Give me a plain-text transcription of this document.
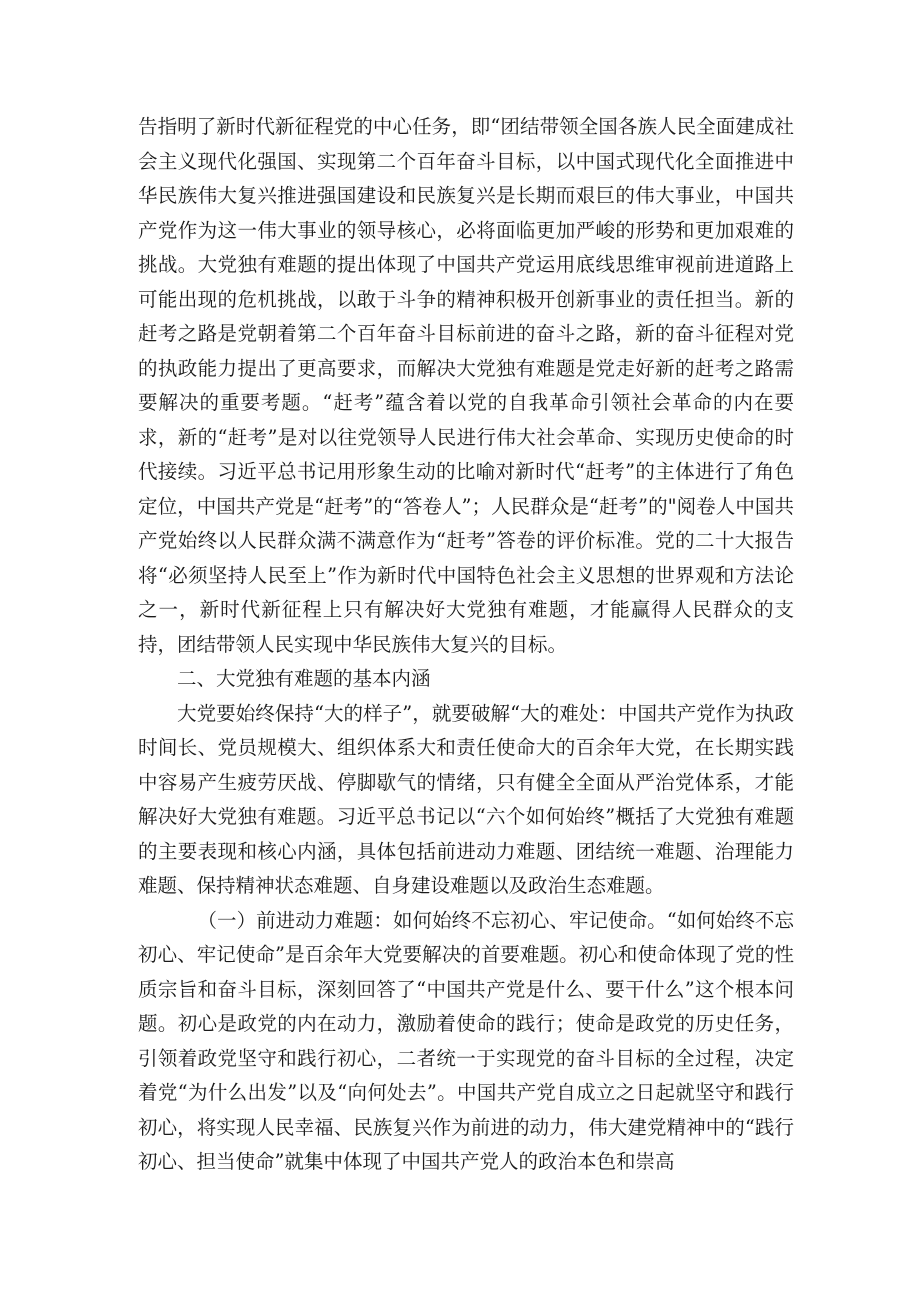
告指明了新时代新征程党的中心任务，即“团结带领全国各族人民全面建成社会主义现代化强国、实现第二个百年奋斗目标，以中国式现代化全面推进中华民族伟大复兴推进强国建设和民族复兴是长期而艰巨的伟大事业，中国共产党作为这一伟大事业的领导核心，必将面临更加严峻的形势和更加艰难的挑战。大党独有难题的提出体现了中国共产党运用底线思维审视前进道路上可能出现的危机挑战，以敢于斗争的精神积极开创新事业的责任担当。新的赶考之路是党朝着第二个百年奋斗目标前进的奋斗之路，新的奋斗征程对党的执政能力提出了更高要求，而解决大党独有难题是党走好新的赶考之路需要解决的重要考题。“赶考”蕴含着以党的自我革命引领社会革命的内在要求，新的“赶考”是对以往党领导人民进行伟大社会革命、实现历史使命的时代接续。习近平总书记用形象生动的比喻对新时代“赶考”的主体进行了角色定位，中国共产党是“赶考”的“答卷人”；人民群众是“赶考”的"阅卷人中国共产党始终以人民群众满不满意作为“赶考”答卷的评价标准。党的二十大报告将“必须坚持人民至上”作为新时代中国特色社会主义思想的世界观和方法论之一，新时代新征程上只有解决好大党独有难题，才能赢得人民群众的支持，团结带领人民实现中华民族伟大复兴的目标。

二、大党独有难题的基本内涵

大党要始终保持“大的样子”，就要破解“大的难处：中国共产党作为执政时间长、党员规模大、组织体系大和责任使命大的百余年大党，在长期实践中容易产生疲劳厌战、停脚歇气的情绪，只有健全全面从严治党体系，才能解决好大党独有难题。习近平总书记以“六个如何始终”概括了大党独有难题的主要表现和核心内涵，具体包括前进动力难题、团结统一难题、治理能力难题、保持精神状态难题、自身建设难题以及政治生态难题。

（一）前进动力难题：如何始终不忘初心、牢记使命。“如何始终不忘初心、牢记使命”是百余年大党要解决的首要难题。初心和使命体现了党的性质宗旨和奋斗目标，深刻回答了“中国共产党是什么、要干什么”这个根本问题。初心是政党的内在动力，激励着使命的践行；使命是政党的历史任务，引领着政党坚守和践行初心，二者统一于实现党的奋斗目标的全过程，决定着党“为什么出发”以及“向何处去”。中国共产党自成立之日起就坚守和践行初心，将实现人民幸福、民族复兴作为前进的动力，伟大建党精神中的“践行初心、担当使命”就集中体现了中国共产党人的政治本色和崇高
